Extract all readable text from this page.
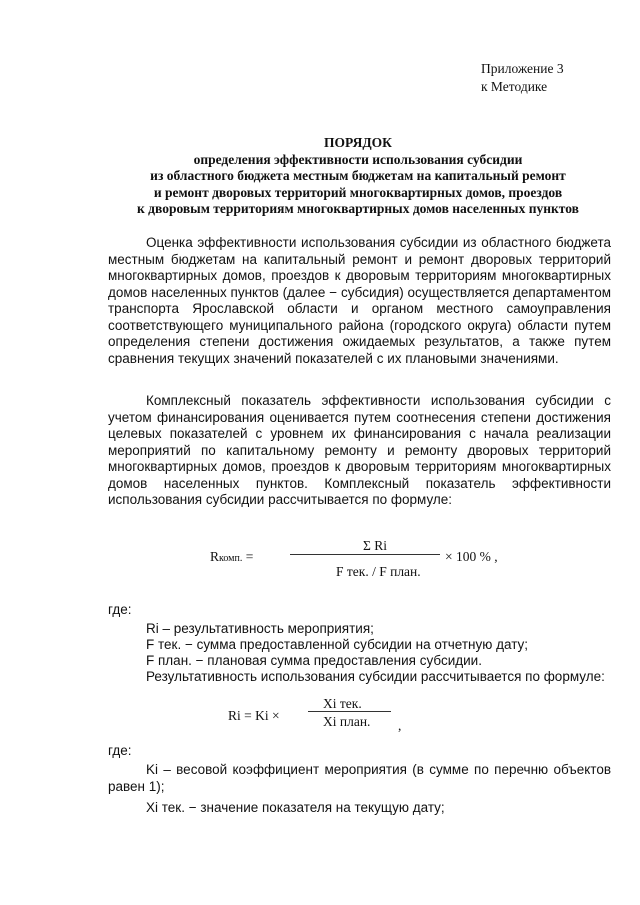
Приложение 3
к Методике
ПОРЯДОК
определения эффективности использования субсидии
из областного бюджета местным бюджетам на капитальный ремонт
и ремонт дворовых территорий многоквартирных домов, проездов
к дворовым территориям многоквартирных домов населенных пунктов
Оценка эффективности использования субсидии из областного бюджета местным бюджетам на капитальный ремонт и ремонт дворовых территорий многоквартирных домов, проездов к дворовым территориям многоквартирных домов населенных пунктов (далее − субсидия) осуществляется департаментом транспорта Ярославской области и органом местного самоуправления соответствующего муниципального района (городского округа) области путем определения степени достижения ожидаемых результатов, а также путем сравнения текущих значений показателей с их плановыми значениями.
Комплексный показатель эффективности использования субсидии с учетом финансирования оценивается путем соотнесения степени достижения целевых показателей с уровнем их финансирования с начала реализации мероприятий по капитальному ремонту и ремонту дворовых территорий многоквартирных домов, проездов к дворовым территориям многоквартирных домов населенных пунктов. Комплексный показатель эффективности использования субсидии рассчитывается по формуле:
Rкомп. =
Σ Ri
F тек. / F план.
× 100 % ,
где:
Ri – результативность мероприятия;
F тек. − сумма предоставленной субсидии на отчетную дату;
F план. − плановая сумма предоставления субсидии.
Результативность использования субсидии рассчитывается по формуле:
Ri = Ki ×
Xi тек.
Xi план. ,
где:
Ki – весовой коэффициент мероприятия (в сумме по перечню объектов равен 1);
Xi тек. − значение показателя на текущую дату;
